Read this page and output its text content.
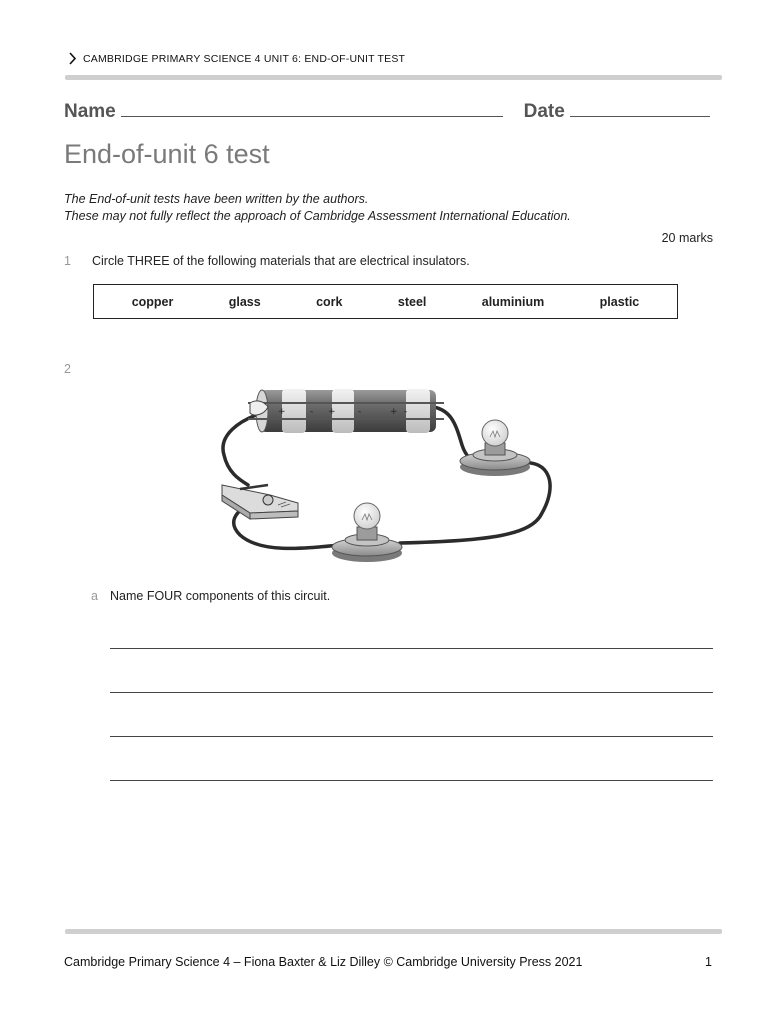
CAMBRIDGE PRIMARY SCIENCE 4 UNIT 6: END-OF-UNIT TEST
Name	Date
End-of-unit 6 test
The End-of-unit tests have been written by the authors.
These may not fully reflect the approach of Cambridge Assessment International Education.
20 marks
1 Circle THREE of the following materials that are electrical insulators.
copper	glass	cork	steel	aluminium	plastic
2
+	- + -	+ -
a Name FOUR components of this circuit.
Cambridge Primary Science 4 – Fiona Baxter & Liz Dilley © Cambridge University Press 2021	1
